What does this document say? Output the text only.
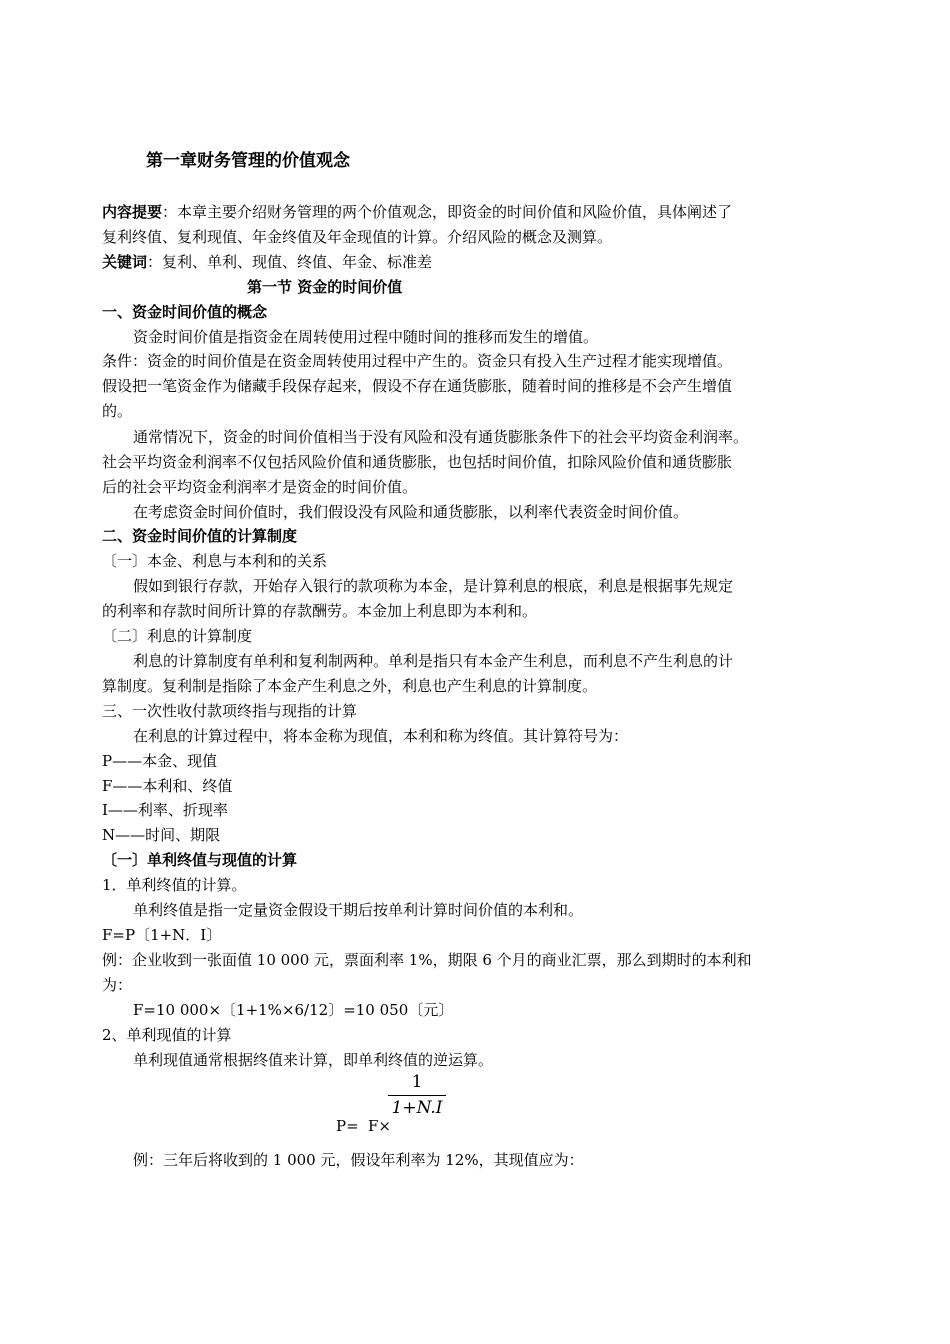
第一章财务管理的价值观念
内容提要：本章主要介绍财务管理的两个价值观念，即资金的时间价值和风险价值，具体阐述了
复利终值、复利现值、年金终值及年金现值的计算。介绍风险的概念及测算。
关键词：复利、单利、现值、终值、年金、标准差
第一节 资金的时间价值
一、资金时间价值的概念
资金时间价值是指资金在周转使用过程中随时间的推移而发生的增值。
条件：资金的时间价值是在资金周转使用过程中产生的。资金只有投入生产过程才能实现增值。
假设把一笔资金作为储藏手段保存起来，假设不存在通货膨胀，随着时间的推移是不会产生增值
的。
通常情况下，资金的时间价值相当于没有风险和没有通货膨胀条件下的社会平均资金利润率。
社会平均资金利润率不仅包括风险价值和通货膨胀，也包括时间价值，扣除风险价值和通货膨胀
后的社会平均资金利润率才是资金的时间价值。
在考虑资金时间价值时，我们假设没有风险和通货膨胀，以利率代表资金时间价值。
二、资金时间价值的计算制度
〔一〕本金、利息与本利和的关系
假如到银行存款，开始存入银行的款项称为本金，是计算利息的根底，利息是根据事先规定
的利率和存款时间所计算的存款酬劳。本金加上利息即为本利和。
〔二〕利息的计算制度
利息的计算制度有单利和复利制两种。单利是指只有本金产生利息，而利息不产生利息的计
算制度。复利制是指除了本金产生利息之外，利息也产生利息的计算制度。
三、一次性收付款项终指与现指的计算
在利息的计算过程中，将本金称为现值，本利和称为终值。其计算符号为：
P——本金、现值
F——本利和、终值
I——利率、折现率
N——时间、期限
〔一〕单利终值与现值的计算
1．单利终值的计算。
单利终值是指一定量资金假设干期后按单利计算时间价值的本利和。
F=P〔1+N．I〕
例：企业收到一张面值 10 000 元，票面利率 1%，期限 6 个月的商业汇票，那么到期时的本利和
为：
F=10 000×〔1+1%×6/12〕=10 050〔元〕
2、单利现值的计算
单利现值通常根据终值来计算，即单利终值的逆运算。
1
1+N.I
P= F×
例：三年后将收到的 1 000 元，假设年利率为 12%，其现值应为：
